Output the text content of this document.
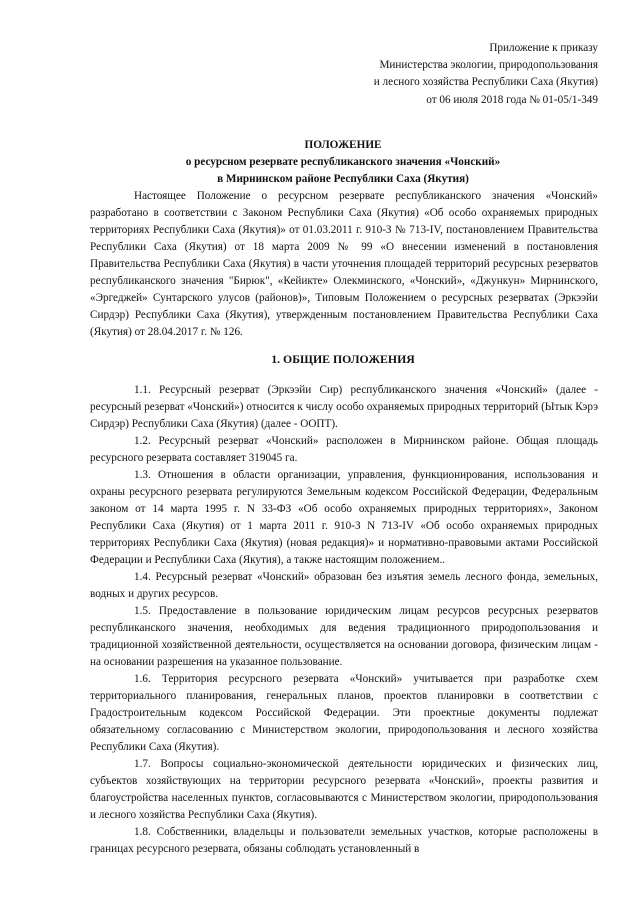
Приложение к приказу
Министерства экологии, природопользования
и лесного хозяйства Республики Саха (Якутия)
от 06 июля 2018 года № 01-05/1-349
ПОЛОЖЕНИЕ
о ресурсном резервате республиканского значения «Чонский»
в Мирнинском районе Республики Саха (Якутия)

Настоящее Положение о ресурсном резервате республиканского значения «Чонский» разработано в соответствии с Законом Республики Саха (Якутия) «Об особо охраняемых природных территориях Республики Саха (Якутия)» от 01.03.2011 г. 910-З № 713-IV, постановлением Правительства Республики Саха (Якутия) от 18 марта 2009 № 99 «О внесении изменений в постановления Правительства Республики Саха (Якутия) в части уточнения площадей территорий ресурсных резерватов республиканского значения "Бирюк", «Кейикте» Олекминского, «Чонский», «Джункун» Мирнинского, «Эргеджей» Сунтарского улусов (районов)», Типовым Положением о ресурсных резерватах (Эркээйи Сирдэр) Республики Саха (Якутия), утвержденным постановлением Правительства Республики Саха (Якутия) от 28.04.2017 г. № 126.

1. ОБЩИЕ ПОЛОЖЕНИЯ

1.1. Ресурсный резерват (Эркээйи Сир) республиканского значения «Чонский» (далее - ресурсный резерват «Чонский») относится к числу особо охраняемых природных территорий (Ытык Кэрэ Сирдэр) Республики Саха (Якутия) (далее - ООПТ).

1.2. Ресурсный резерват «Чонский» расположен в Мирнинском районе. Общая площадь ресурсного резервата составляет 319045 га.

1.3. Отношения в области организации, управления, функционирования, использования и охраны ресурсного резервата регулируются Земельным кодексом Российской Федерации, Федеральным законом от 14 марта 1995 г. N 33-ФЗ «Об особо охраняемых природных территориях», Законом Республики Саха (Якутия) от 1 марта 2011 г. 910-З N 713-IV «Об особо охраняемых природных территориях Республики Саха (Якутия) (новая редакция)» и нормативно-правовыми актами Российской Федерации и Республики Саха (Якутия), а также настоящим положением..

1.4. Ресурсный резерват «Чонский» образован без изъятия земель лесного фонда, земельных, водных и других ресурсов.

1.5. Предоставление в пользование юридическим лицам ресурсов ресурсных резерватов республиканского значения, необходимых для ведения традиционного природопользования и традиционной хозяйственной деятельности, осуществляется на основании договора, физическим лицам - на основании разрешения на указанное пользование.

1.6. Территория ресурсного резервата «Чонский» учитывается при разработке схем территориального планирования, генеральных планов, проектов планировки в соответствии с Градостроительным кодексом Российской Федерации. Эти проектные документы подлежат обязательному согласованию с Министерством экологии, природопользования и лесного хозяйства Республики Саха (Якутия).

1.7. Вопросы социально-экономической деятельности юридических и физических лиц, субъектов хозяйствующих на территории ресурсного резервата «Чонский», проекты развития и благоустройства населенных пунктов, согласовываются с Министерством экологии, природопользования и лесного хозяйства Республики Саха (Якутия).

1.8. Собственники, владельцы и пользователи земельных участков, которые расположены в границах ресурсного резервата, обязаны соблюдать установленный в
